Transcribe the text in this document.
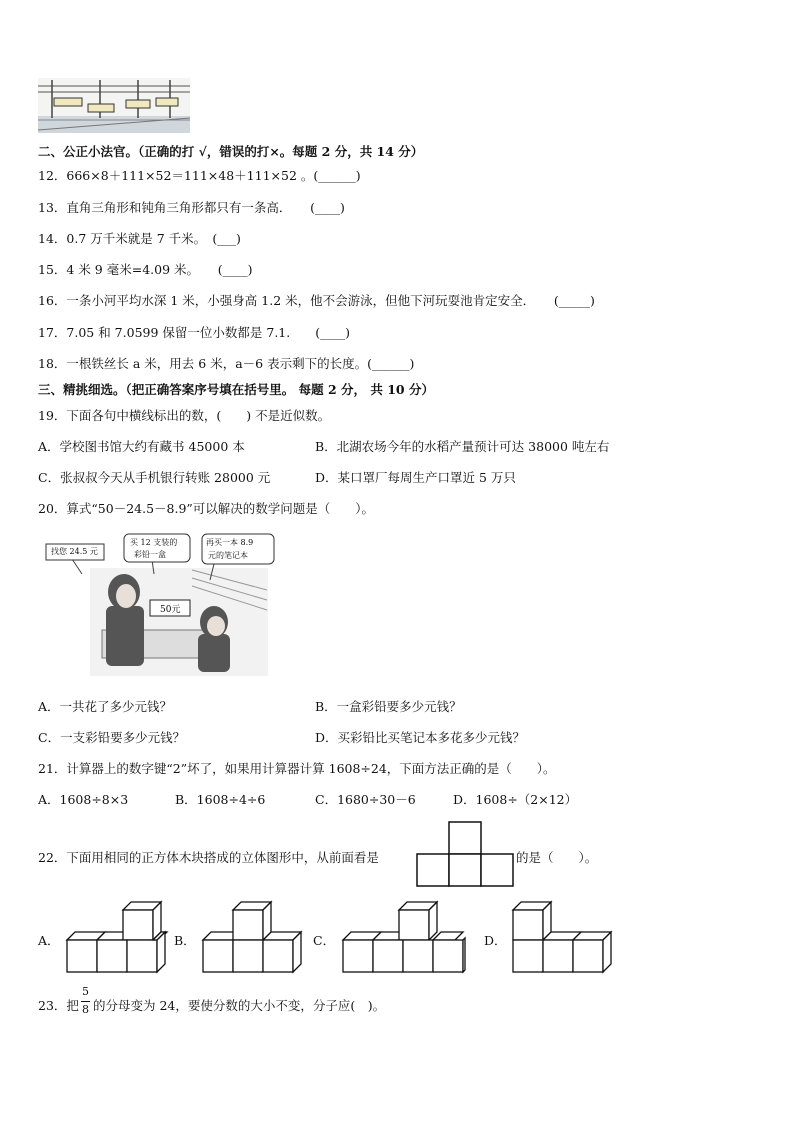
二、公正小法官。（正确的打 √，错误的打×。每题 2 分，共 14 分）
12．666×8＋111×52＝111×48＋111×52 。(______)
13．直角三角形和钝角三角形都只有一条高．　　(____)
14．0.7 万千米就是 7 千米。　(___)
15．4 米 9 毫米=4.09 米。　　(____)
16．一条小河平均水深 1 米，小强身高 1.2 米，他不会游泳，但他下河玩耍池肯定安全．　　(_____)
17．7.05 和 7.0599 保留一位小数都是 7.1.　　(____)
18．一根铁丝长 a 米，用去 6 米，a－6 表示剩下的长度。(______)
三、精挑细选。（把正确答案序号填在括号里。 每题 2 分， 共 10 分）
19．下面各句中横线标出的数，(　　) 不是近似数。
A．学校图书馆大约有藏书 45000 本	B．北湖农场今年的水稻产量预计可达 38000 吨左右
C．张叔叔今天从手机银行转账 28000 元	D．某口罩厂每周生产口罩近 5 万只
20．算式“50－24.5－8.9”可以解决的数学问题是（　　）。
找您 24.5 元
买 12 支装的
彩铅一盒
再买一本 8.9
元的笔记本
50元
A．一共花了多少元钱？	B．一盒彩铅要多少元钱？
C．一支彩铅要多少元钱？	D．买彩铅比买笔记本多花多少元钱？
21．计算器上的数字键“2”坏了，如果用计算器计算 1608÷24，下面方法正确的是（　　）。
A．1608÷8×3	B．1608÷4÷6	C．1680÷30－6	D．1608÷（2×12）
22．下面用相同的正方体木块搭成的立体图形中，从前面看是	的是（　　）。
A．	B．	C．	D．
23．把
5
8 的分母变为 24，要使分数的大小不变，分子应(　)。
